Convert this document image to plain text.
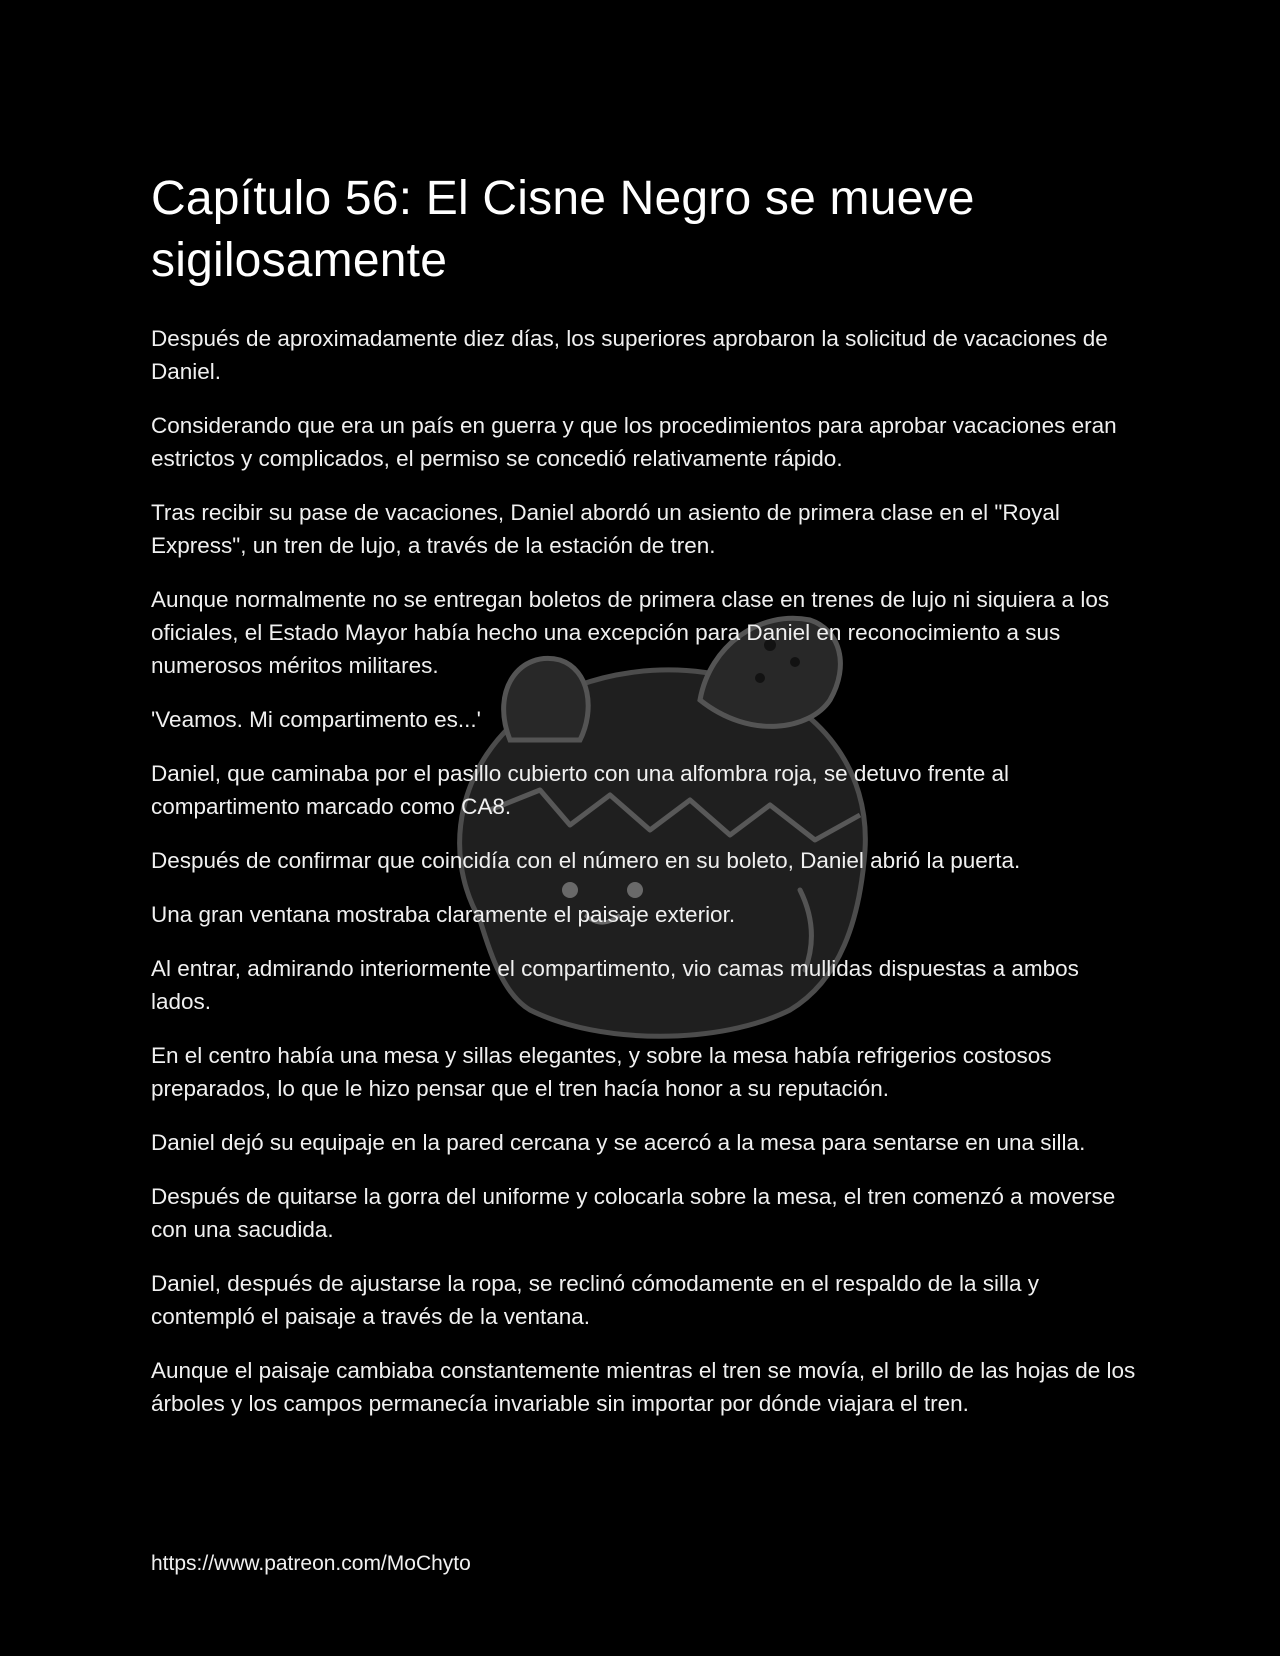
Capítulo 56: El Cisne Negro se mueve sigilosamente

Después de aproximadamente diez días, los superiores aprobaron la solicitud de vacaciones de Daniel.

Considerando que era un país en guerra y que los procedimientos para aprobar vacaciones eran estrictos y complicados, el permiso se concedió relativamente rápido.

Tras recibir su pase de vacaciones, Daniel abordó un asiento de primera clase en el "Royal Express", un tren de lujo, a través de la estación de tren.

Aunque normalmente no se entregan boletos de primera clase en trenes de lujo ni siquiera a los oficiales, el Estado Mayor había hecho una excepción para Daniel en reconocimiento a sus numerosos méritos militares.

'Veamos. Mi compartimento es...'

Daniel, que caminaba por el pasillo cubierto con una alfombra roja, se detuvo frente al compartimento marcado como CA8.

Después de confirmar que coincidía con el número en su boleto, Daniel abrió la puerta.

Una gran ventana mostraba claramente el paisaje exterior.

Al entrar, admirando interiormente el compartimento, vio camas mullidas dispuestas a ambos lados.

En el centro había una mesa y sillas elegantes, y sobre la mesa había refrigerios costosos preparados, lo que le hizo pensar que el tren hacía honor a su reputación.

Daniel dejó su equipaje en la pared cercana y se acercó a la mesa para sentarse en una silla.

Después de quitarse la gorra del uniforme y colocarla sobre la mesa, el tren comenzó a moverse con una sacudida.

Daniel, después de ajustarse la ropa, se reclinó cómodamente en el respaldo de la silla y contempló el paisaje a través de la ventana.

Aunque el paisaje cambiaba constantemente mientras el tren se movía, el brillo de las hojas de los árboles y los campos permanecía invariable sin importar por dónde viajara el tren.

https://www.patreon.com/MoChyto
